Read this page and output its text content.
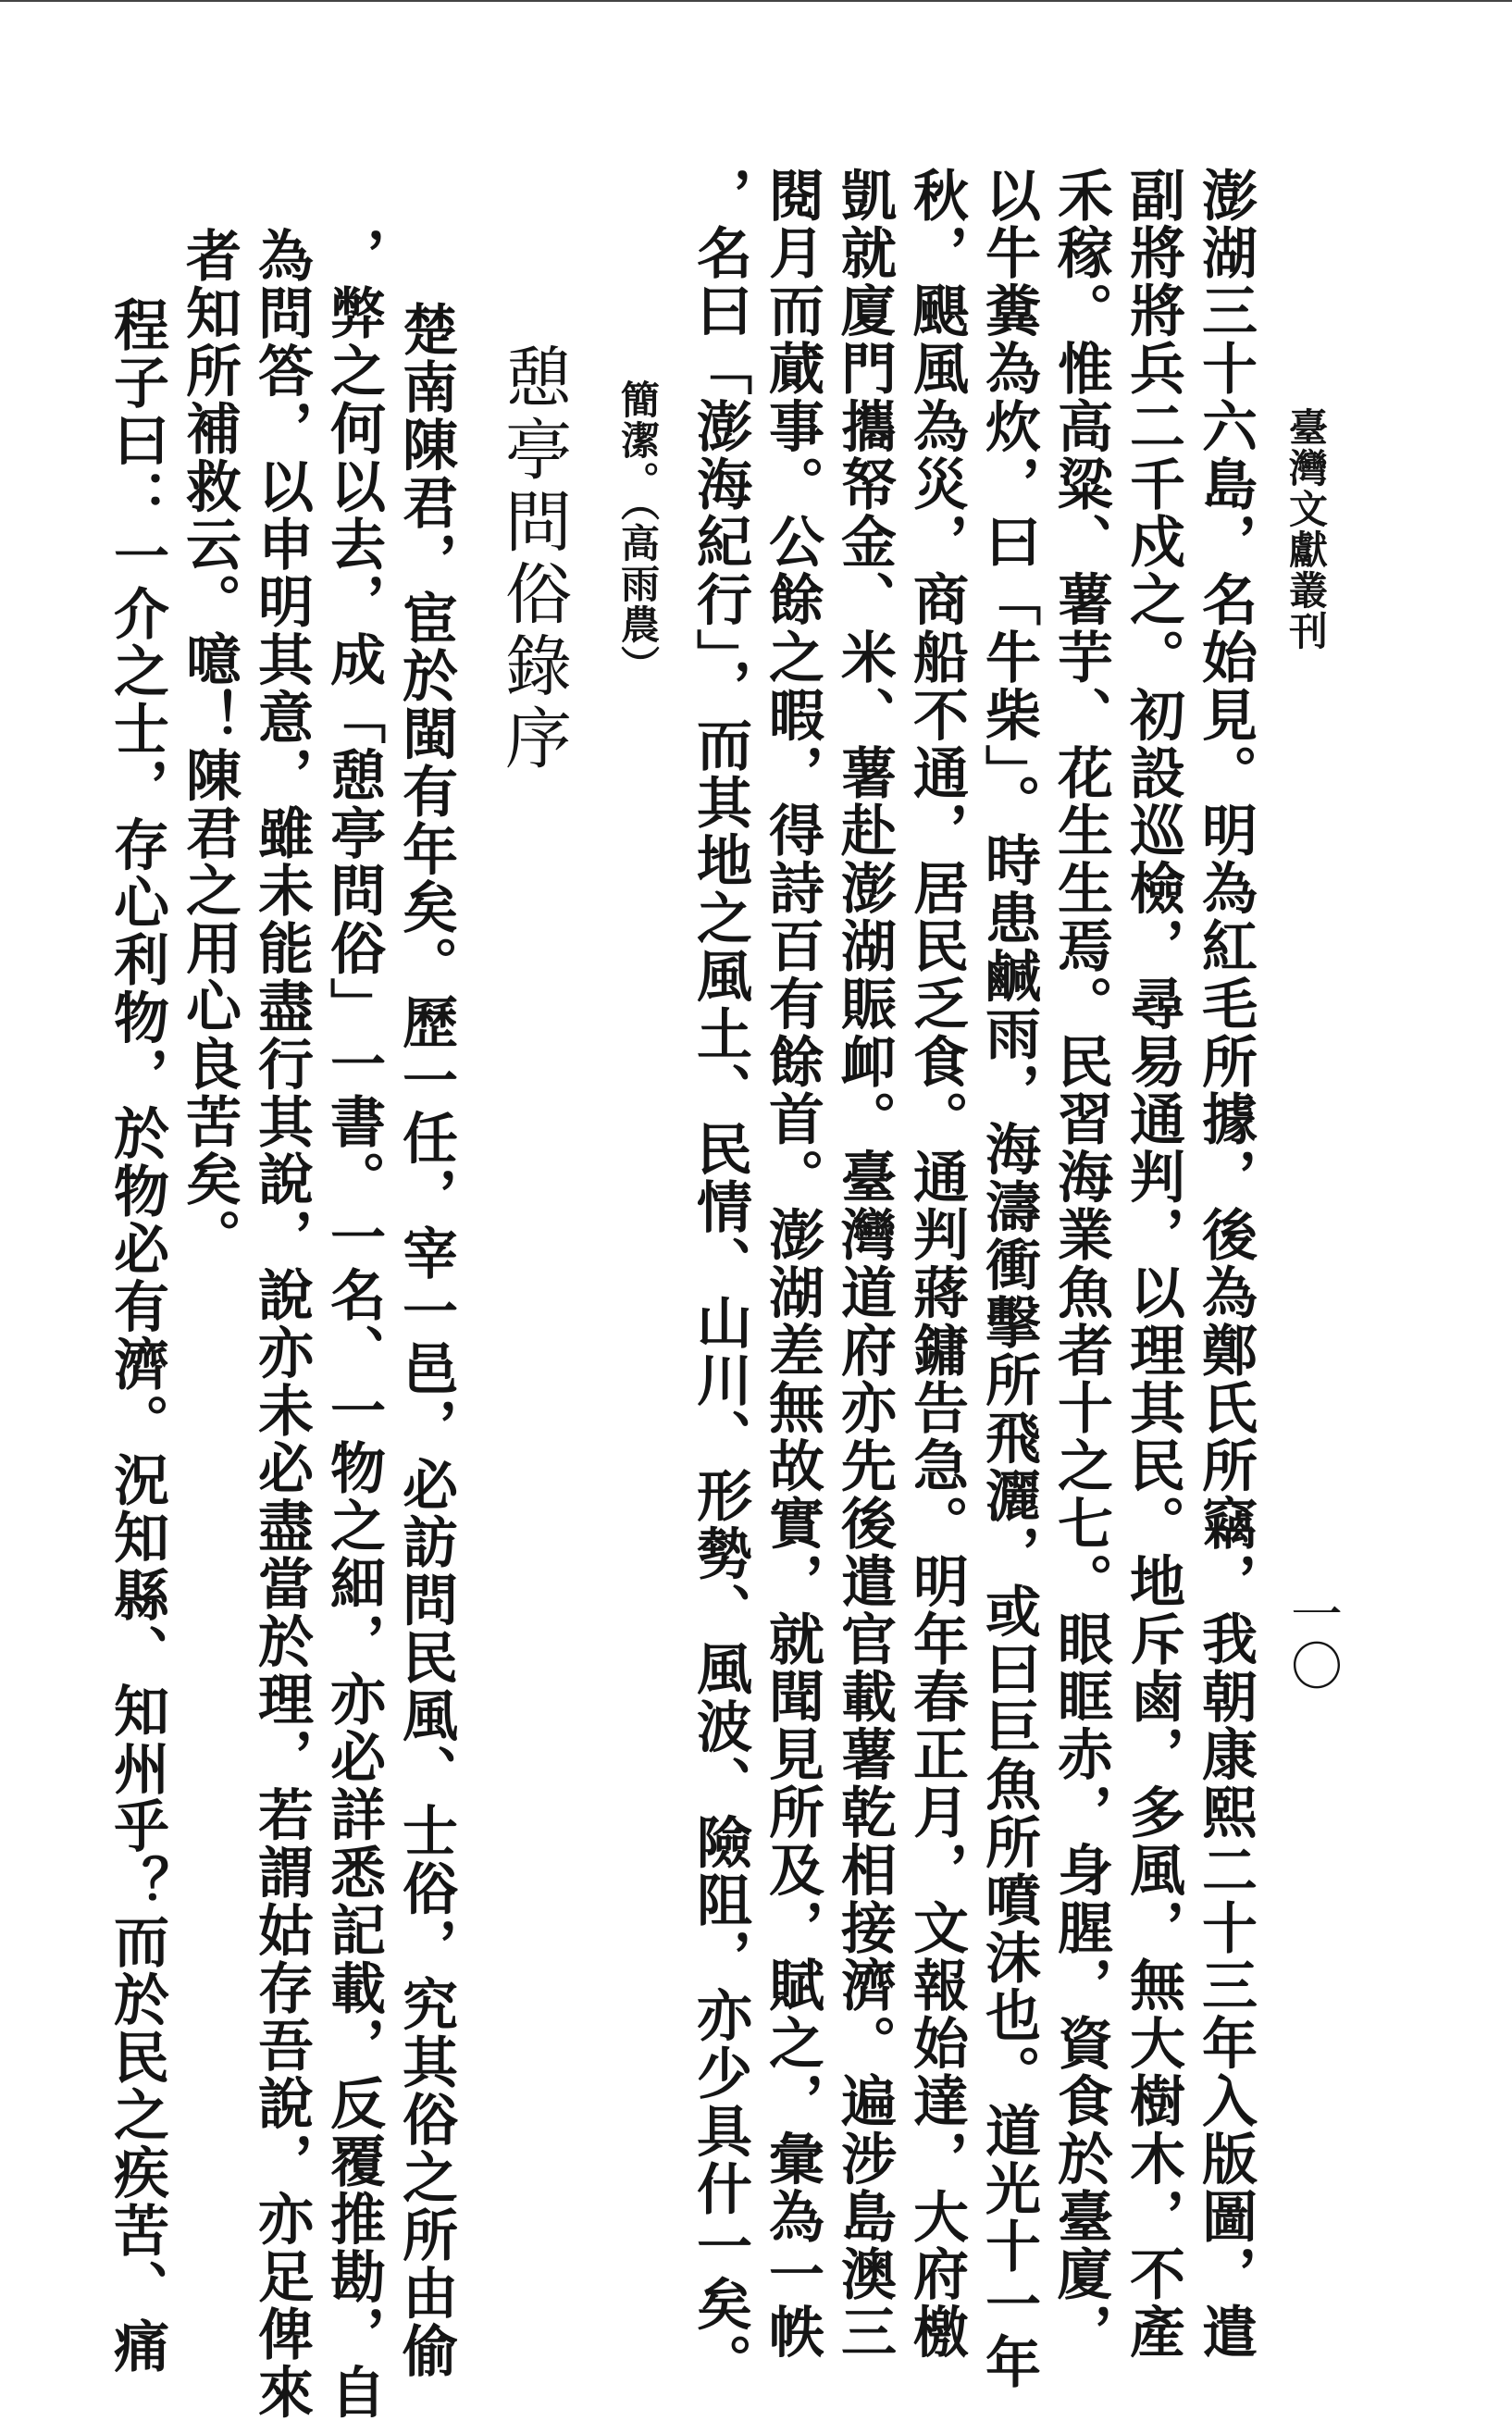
臺灣文獻叢刊
一〇
澎湖三十六島，名始見。明為紅毛所據，後為鄭氏所竊，我朝康熙二十三年入版圖，遣
副將將兵二千戍之。初設巡檢，尋易通判，以理其民。地斥鹵，多風，無大樹木，不產
禾稼。惟高粱、薯芋、花生生焉。民習海業魚者十之七。眼眶赤，身腥，資食於臺廈，
以牛糞為炊，曰「牛柴」。時患鹹雨，海濤衝擊所飛灑，或曰巨魚所噴沫也。道光十一年
秋，颶風為災，商船不通，居民乏食。通判蔣鏞告急。明年春正月，文報始達，大府檄
凱就廈門攜帑金、米、薯赴澎湖賑卹。臺灣道府亦先後遣官載薯乾相接濟。遍涉島澳三
閱月而蕆事。公餘之暇，得詩百有餘首。澎湖差無故實，就聞見所及，賦之，彙為一帙
，名曰「澎海紀行」，而其地之風土、民情、山川、形勢、風波、險阻，亦少具什一矣。
簡潔。（高雨農）
憩亭問俗錄序
楚南陳君，宦於閩有年矣。歷一任，宰一邑，必訪問民風、士俗，究其俗之所由偷
，弊之何以去，成「憩亭問俗」一書。一名、一物之細，亦必詳悉記載，反覆推勘，自
為問答，以申明其意，雖未能盡行其說，說亦未必盡當於理，若謂姑存吾說，亦足俾來
者知所補救云。噫！陳君之用心良苦矣。
程子曰：一介之士，存心利物，於物必有濟。況知縣、知州乎？而於民之疾苦、痛
